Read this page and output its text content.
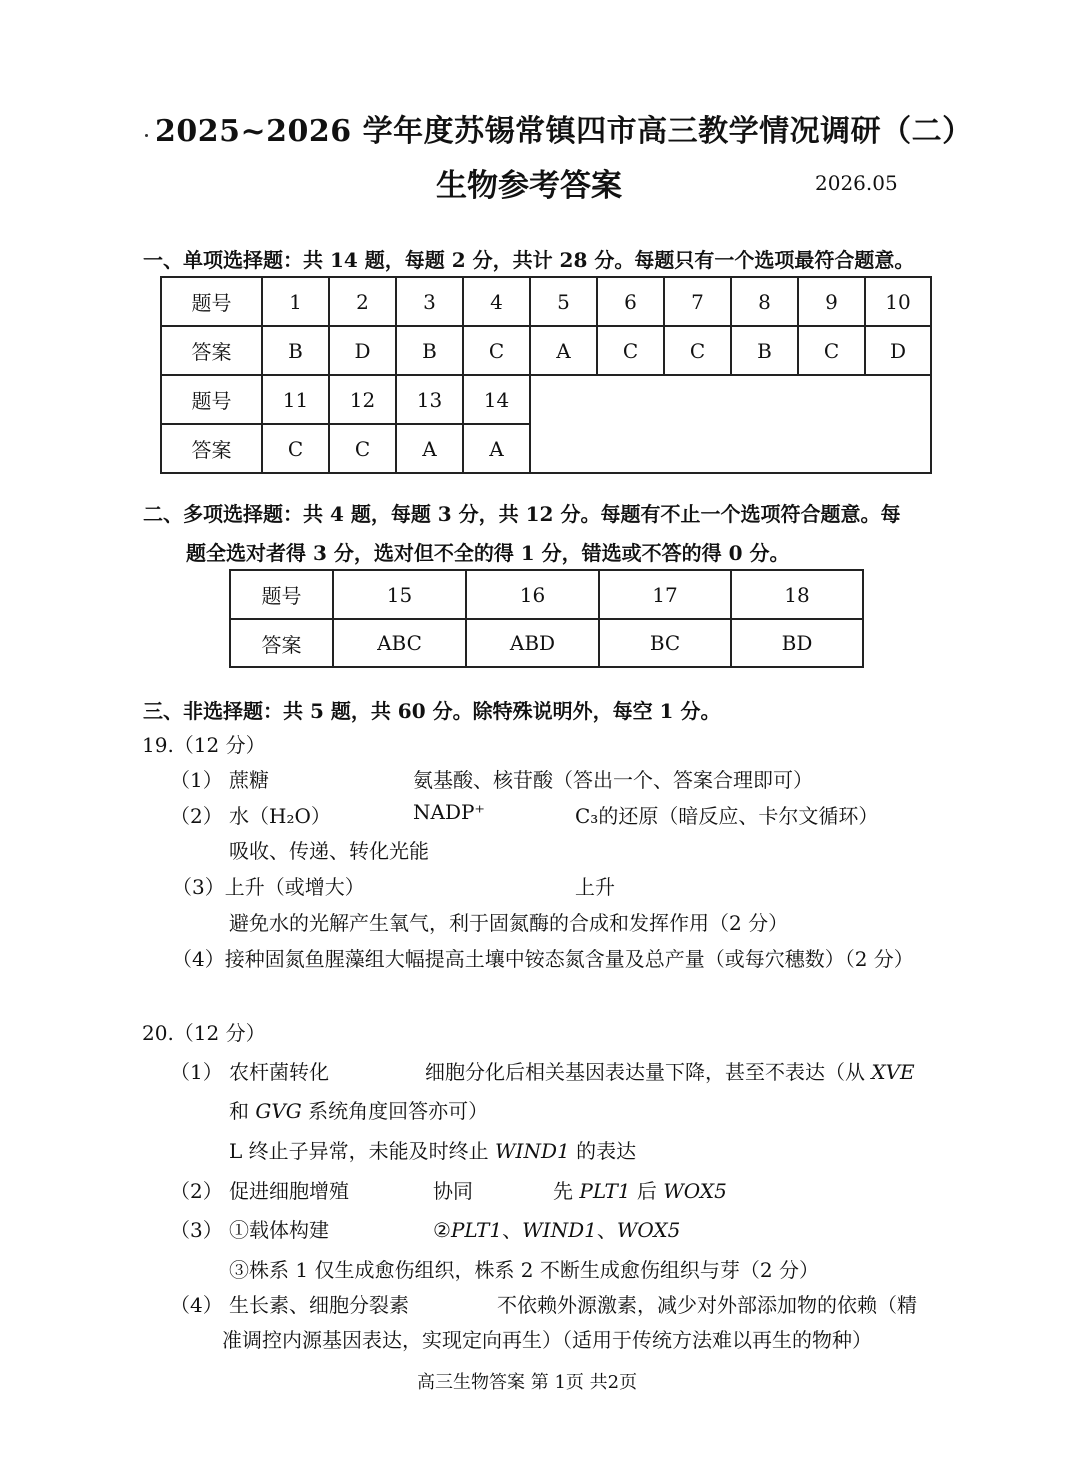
2025~2026 学年度苏锡常镇四市高三教学情况调研（二）
生物参考答案	2026.05
一、单项选择题：共 14 题，每题 2 分，共计 28 分。每题只有一个选项最符合题意。
题号	1	2	3	4	5	6	7	8	9	10
答案	B	D	B	C	A	C	C	B	C	D
题号	11	12	13	14						
答案	C	C	A	A						
二、多项选择题：共 4 题，每题 3 分，共 12 分。每题有不止一个选项符合题意。每
题全选对者得 3 分，选对但不全的得 1 分，错选或不答的得 0 分。
题号	15	16	17	18
答案	ABC	ABD	BC	BD
三、非选择题：共 5 题，共 60 分。除特殊说明外，每空 1 分。
19.（12 分）
（1） 蔗糖	氨基酸、核苷酸（答出一个、答案合理即可）
（2） 水（H₂O）	NADP⁺	C₃的还原（暗反应、卡尔文循环）
吸收、传递、转化光能
（3）上升（或增大）	上升
避免水的光解产生氧气，利于固氮酶的合成和发挥作用（2 分）
（4）接种固氮鱼腥藻组大幅提高土壤中铵态氮含量及总产量（或每穴穗数）（2 分）
20.（12 分）
（1） 农杆菌转化	细胞分化后相关基因表达量下降，甚至不表达（从 XVE
和 GVG 系统角度回答亦可）
L 终止子异常，未能及时终止 WIND1 的表达
（2） 促进细胞增殖	协同	先 PLT1 后 WOX5
（3） ①载体构建	②PLT1、WIND1、WOX5
③株系 1 仅生成愈伤组织，株系 2 不断生成愈伤组织与芽（2 分）
（4） 生长素、细胞分裂素	不依赖外源激素，减少对外部添加物的依赖（精
准调控内源基因表达，实现定向再生）（适用于传统方法难以再生的物种）
高三生物答案 第 1页 共2页
